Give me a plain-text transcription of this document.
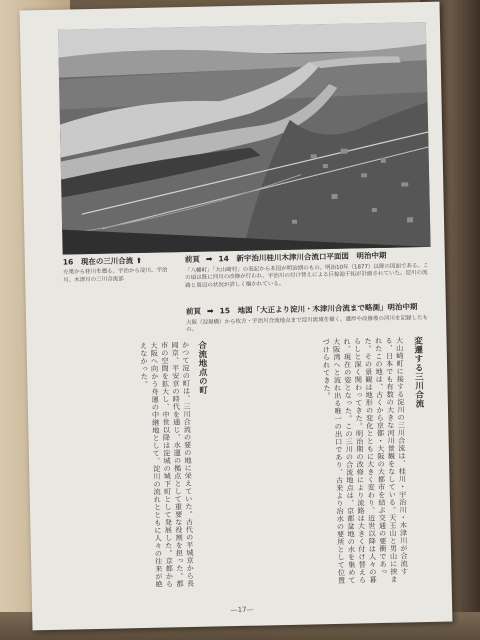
16　現在の三川合流 ⬆
左奥から桂川を遡る、宇治から淀川、宇治川、木津川の三川合流部
前頁 ➡ 14　新宇治川桂川木津川合流口平面図　明治中期
「八幡町」「大山崎村」の表記から本図が明治期のもの。明治10年（1877）以降の図面である。この頃は既に河川の改修が行われ、宇治川の付け替えによる巨椋池干拓が計画されていた。淀川の流路と周辺の状況が詳しく描かれている。
前頁 ➡ 15　地図「大正より淀川・木津川合流まで略測」明治中期
大阪（淀屋橋）から枚方・宇治川合流地点まで淀川流域を描く。護岸や改修後の河川を記録したもの。
変遷する三川合流
大山崎町に接する淀川の三川合流は、桂川・宇治川・木津川が合流する、日本でも有数の大きな河川景観をなしている。天王山と男山に挟まれたこの地は、古くから京都・大阪の大都市を結ぶ交通の要衝であった。その景観は地形の変化とともに大きく変わり、近世以降は人々の暮らしと深く関わってきた。明治期の改修により流路は大きく付け替えられ、現在の姿となった。この三川の合流地点は、京都盆地の水を集めて大阪湾へと流れ出る唯一の出口であり、古来より治水の要所として位置づけられてきた。
合流地点の町
かつて淀の町は、三川合流の要の地に栄えていた。古代の平城京から長岡京、平安京の時代を通じ、水運の拠点として重要な役割を担った。都市の空間を拡大し、中世以降は淀城の城下町として発展した。京都から大阪へ向かう舟運の中継地として、淀川の流れとともに人々の往来が絶えなかった。
―17―
